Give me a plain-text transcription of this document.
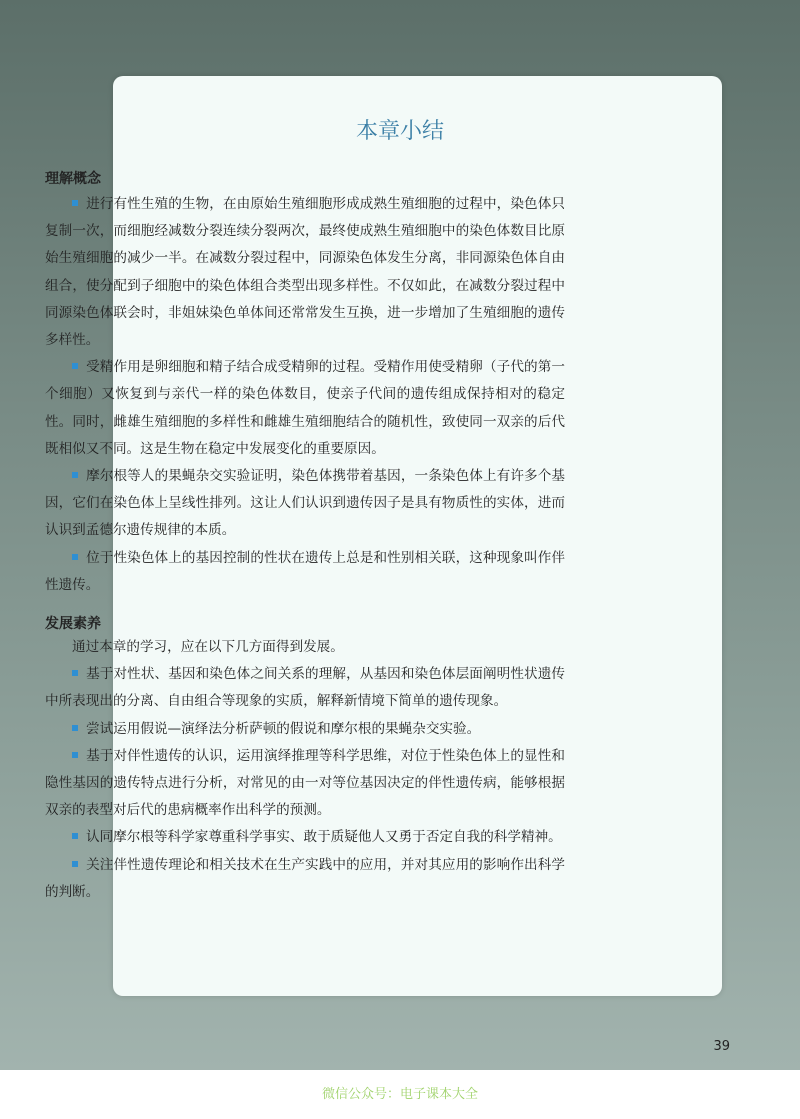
本章小结
理解概念

进行有性生殖的生物，在由原始生殖细胞形成成熟生殖细胞的过程中，染色体只复制一次，而细胞经减数分裂连续分裂两次，最终使成熟生殖细胞中的染色体数目比原始生殖细胞的减少一半。在减数分裂过程中，同源染色体发生分离，非同源染色体自由组合，使分配到子细胞中的染色体组合类型出现多样性。不仅如此，在减数分裂过程中同源染色体联会时，非姐妹染色单体间还常常发生互换，进一步增加了生殖细胞的遗传多样性。

受精作用是卵细胞和精子结合成受精卵的过程。受精作用使受精卵（子代的第一个细胞）又恢复到与亲代一样的染色体数目，使亲子代间的遗传组成保持相对的稳定性。同时，雌雄生殖细胞的多样性和雌雄生殖细胞结合的随机性，致使同一双亲的后代既相似又不同。这是生物在稳定中发展变化的重要原因。

摩尔根等人的果蝇杂交实验证明，染色体携带着基因，一条染色体上有许多个基因，它们在染色体上呈线性排列。这让人们认识到遗传因子是具有物质性的实体，进而认识到孟德尔遗传规律的本质。

位于性染色体上的基因控制的性状在遗传上总是和性别相关联，这种现象叫作伴性遗传。

发展素养

通过本章的学习，应在以下几方面得到发展。

基于对性状、基因和染色体之间关系的理解，从基因和染色体层面阐明性状遗传中所表现出的分离、自由组合等现象的实质，解释新情境下简单的遗传现象。

尝试运用假说—演绎法分析萨顿的假说和摩尔根的果蝇杂交实验。

基于对伴性遗传的认识，运用演绎推理等科学思维，对位于性染色体上的显性和隐性基因的遗传特点进行分析，对常见的由一对等位基因决定的伴性遗传病，能够根据双亲的表型对后代的患病概率作出科学的预测。

认同摩尔根等科学家尊重科学事实、敢于质疑他人又勇于否定自我的科学精神。

关注伴性遗传理论和相关技术在生产实践中的应用，并对其应用的影响作出科学的判断。

39
微信公众号：电子课本大全
